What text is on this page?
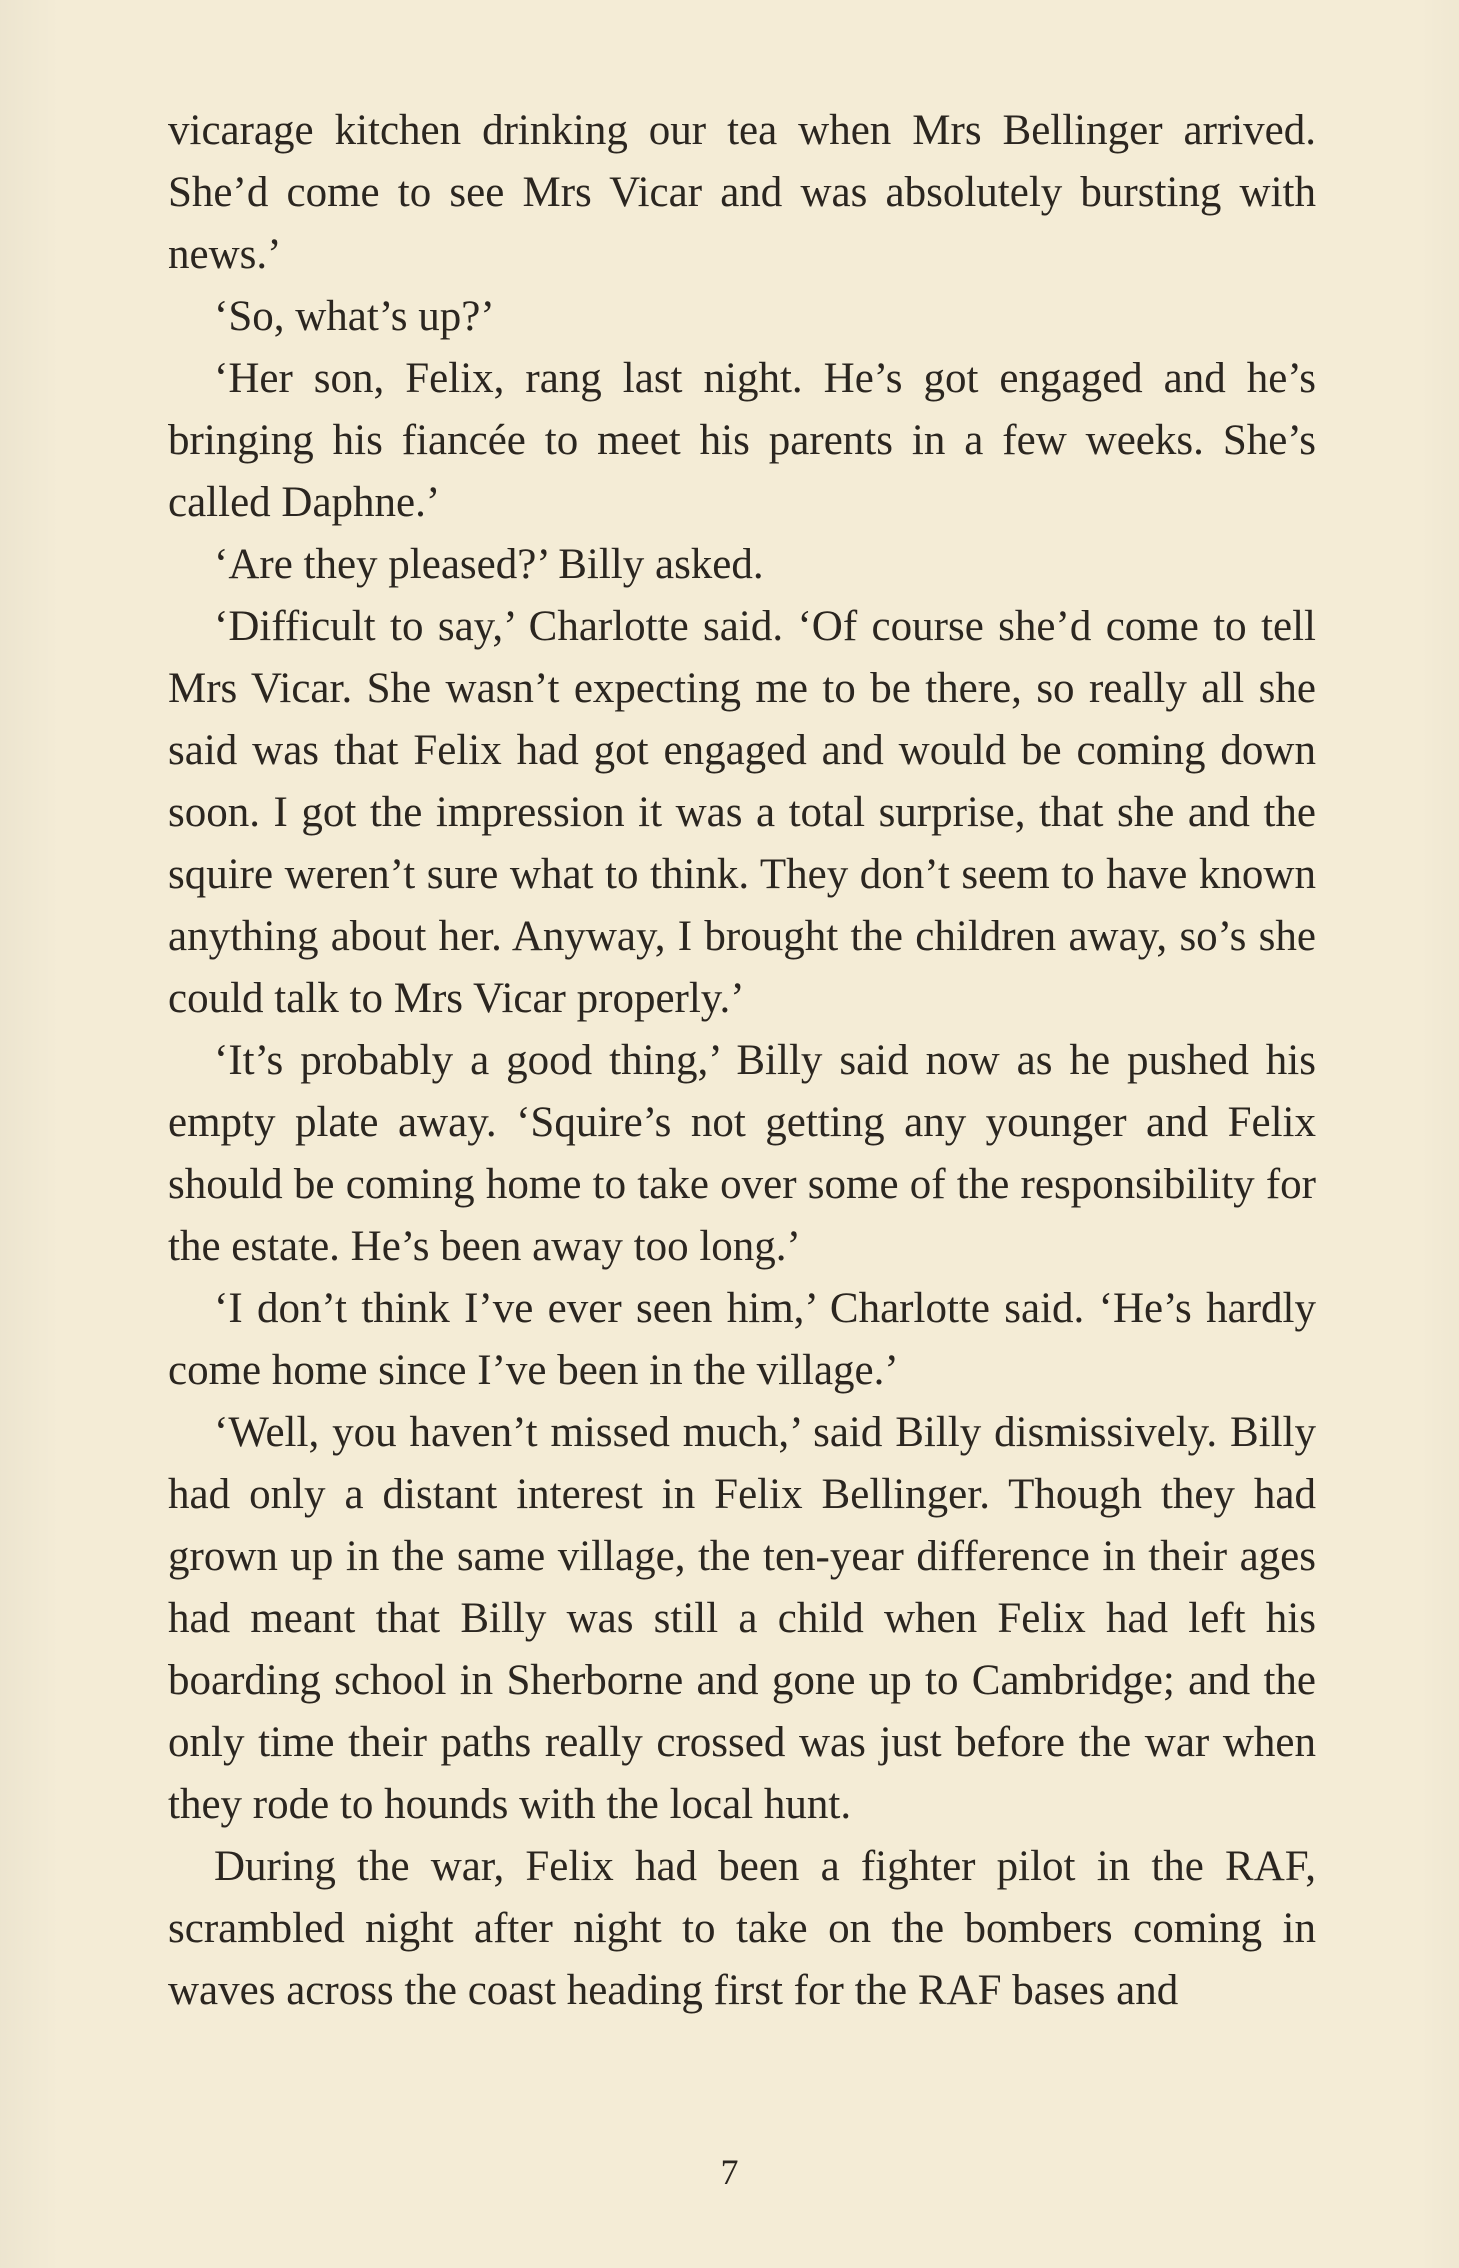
vicarage kitchen drinking our tea when Mrs Bellinger arrived. She’d come to see Mrs Vicar and was absolutely bursting with news.’

‘So, what’s up?’

‘Her son, Felix, rang last night. He’s got engaged and he’s bringing his fiancée to meet his parents in a few weeks. She’s called Daphne.’

‘Are they pleased?’ Billy asked.

‘Difficult to say,’ Charlotte said. ‘Of course she’d come to tell Mrs Vicar. She wasn’t expecting me to be there, so really all she said was that Felix had got engaged and would be coming down soon. I got the impression it was a total surprise, that she and the squire weren’t sure what to think. They don’t seem to have known anything about her. Anyway, I brought the children away, so’s she could talk to Mrs Vicar properly.’

‘It’s probably a good thing,’ Billy said now as he pushed his empty plate away. ‘Squire’s not getting any younger and Felix should be coming home to take over some of the responsibility for the estate. He’s been away too long.’

‘I don’t think I’ve ever seen him,’ Charlotte said. ‘He’s hardly come home since I’ve been in the village.’

‘Well, you haven’t missed much,’ said Billy dismissively. Billy had only a distant interest in Felix Bellinger. Though they had grown up in the same village, the ten-year difference in their ages had meant that Billy was still a child when Felix had left his boarding school in Sherborne and gone up to Cambridge; and the only time their paths really crossed was just before the war when they rode to hounds with the local hunt.

During the war, Felix had been a fighter pilot in the RAF, scrambled night after night to take on the bombers coming in waves across the coast heading first for the RAF bases and

7
